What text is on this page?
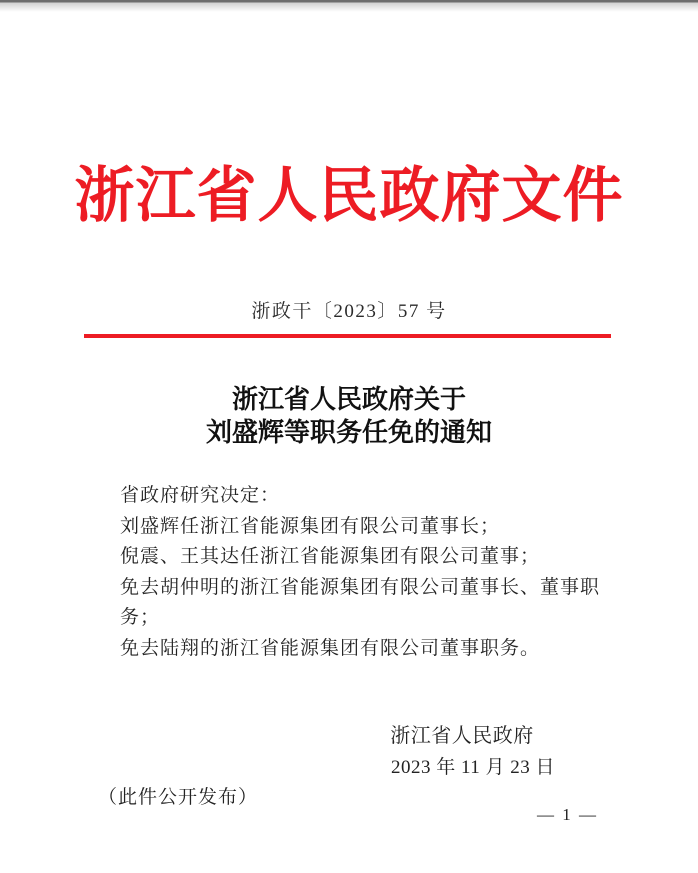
浙江省人民政府文件
浙政干〔2023〕57 号
浙江省人民政府关于
刘盛辉等职务任免的通知
省政府研究决定：
刘盛辉任浙江省能源集团有限公司董事长；
倪震、王其达任浙江省能源集团有限公司董事；
免去胡仲明的浙江省能源集团有限公司董事长、董事职务；
免去陆翔的浙江省能源集团有限公司董事职务。
浙江省人民政府
2023 年 11 月 23 日
（此件公开发布）
— 1 —
